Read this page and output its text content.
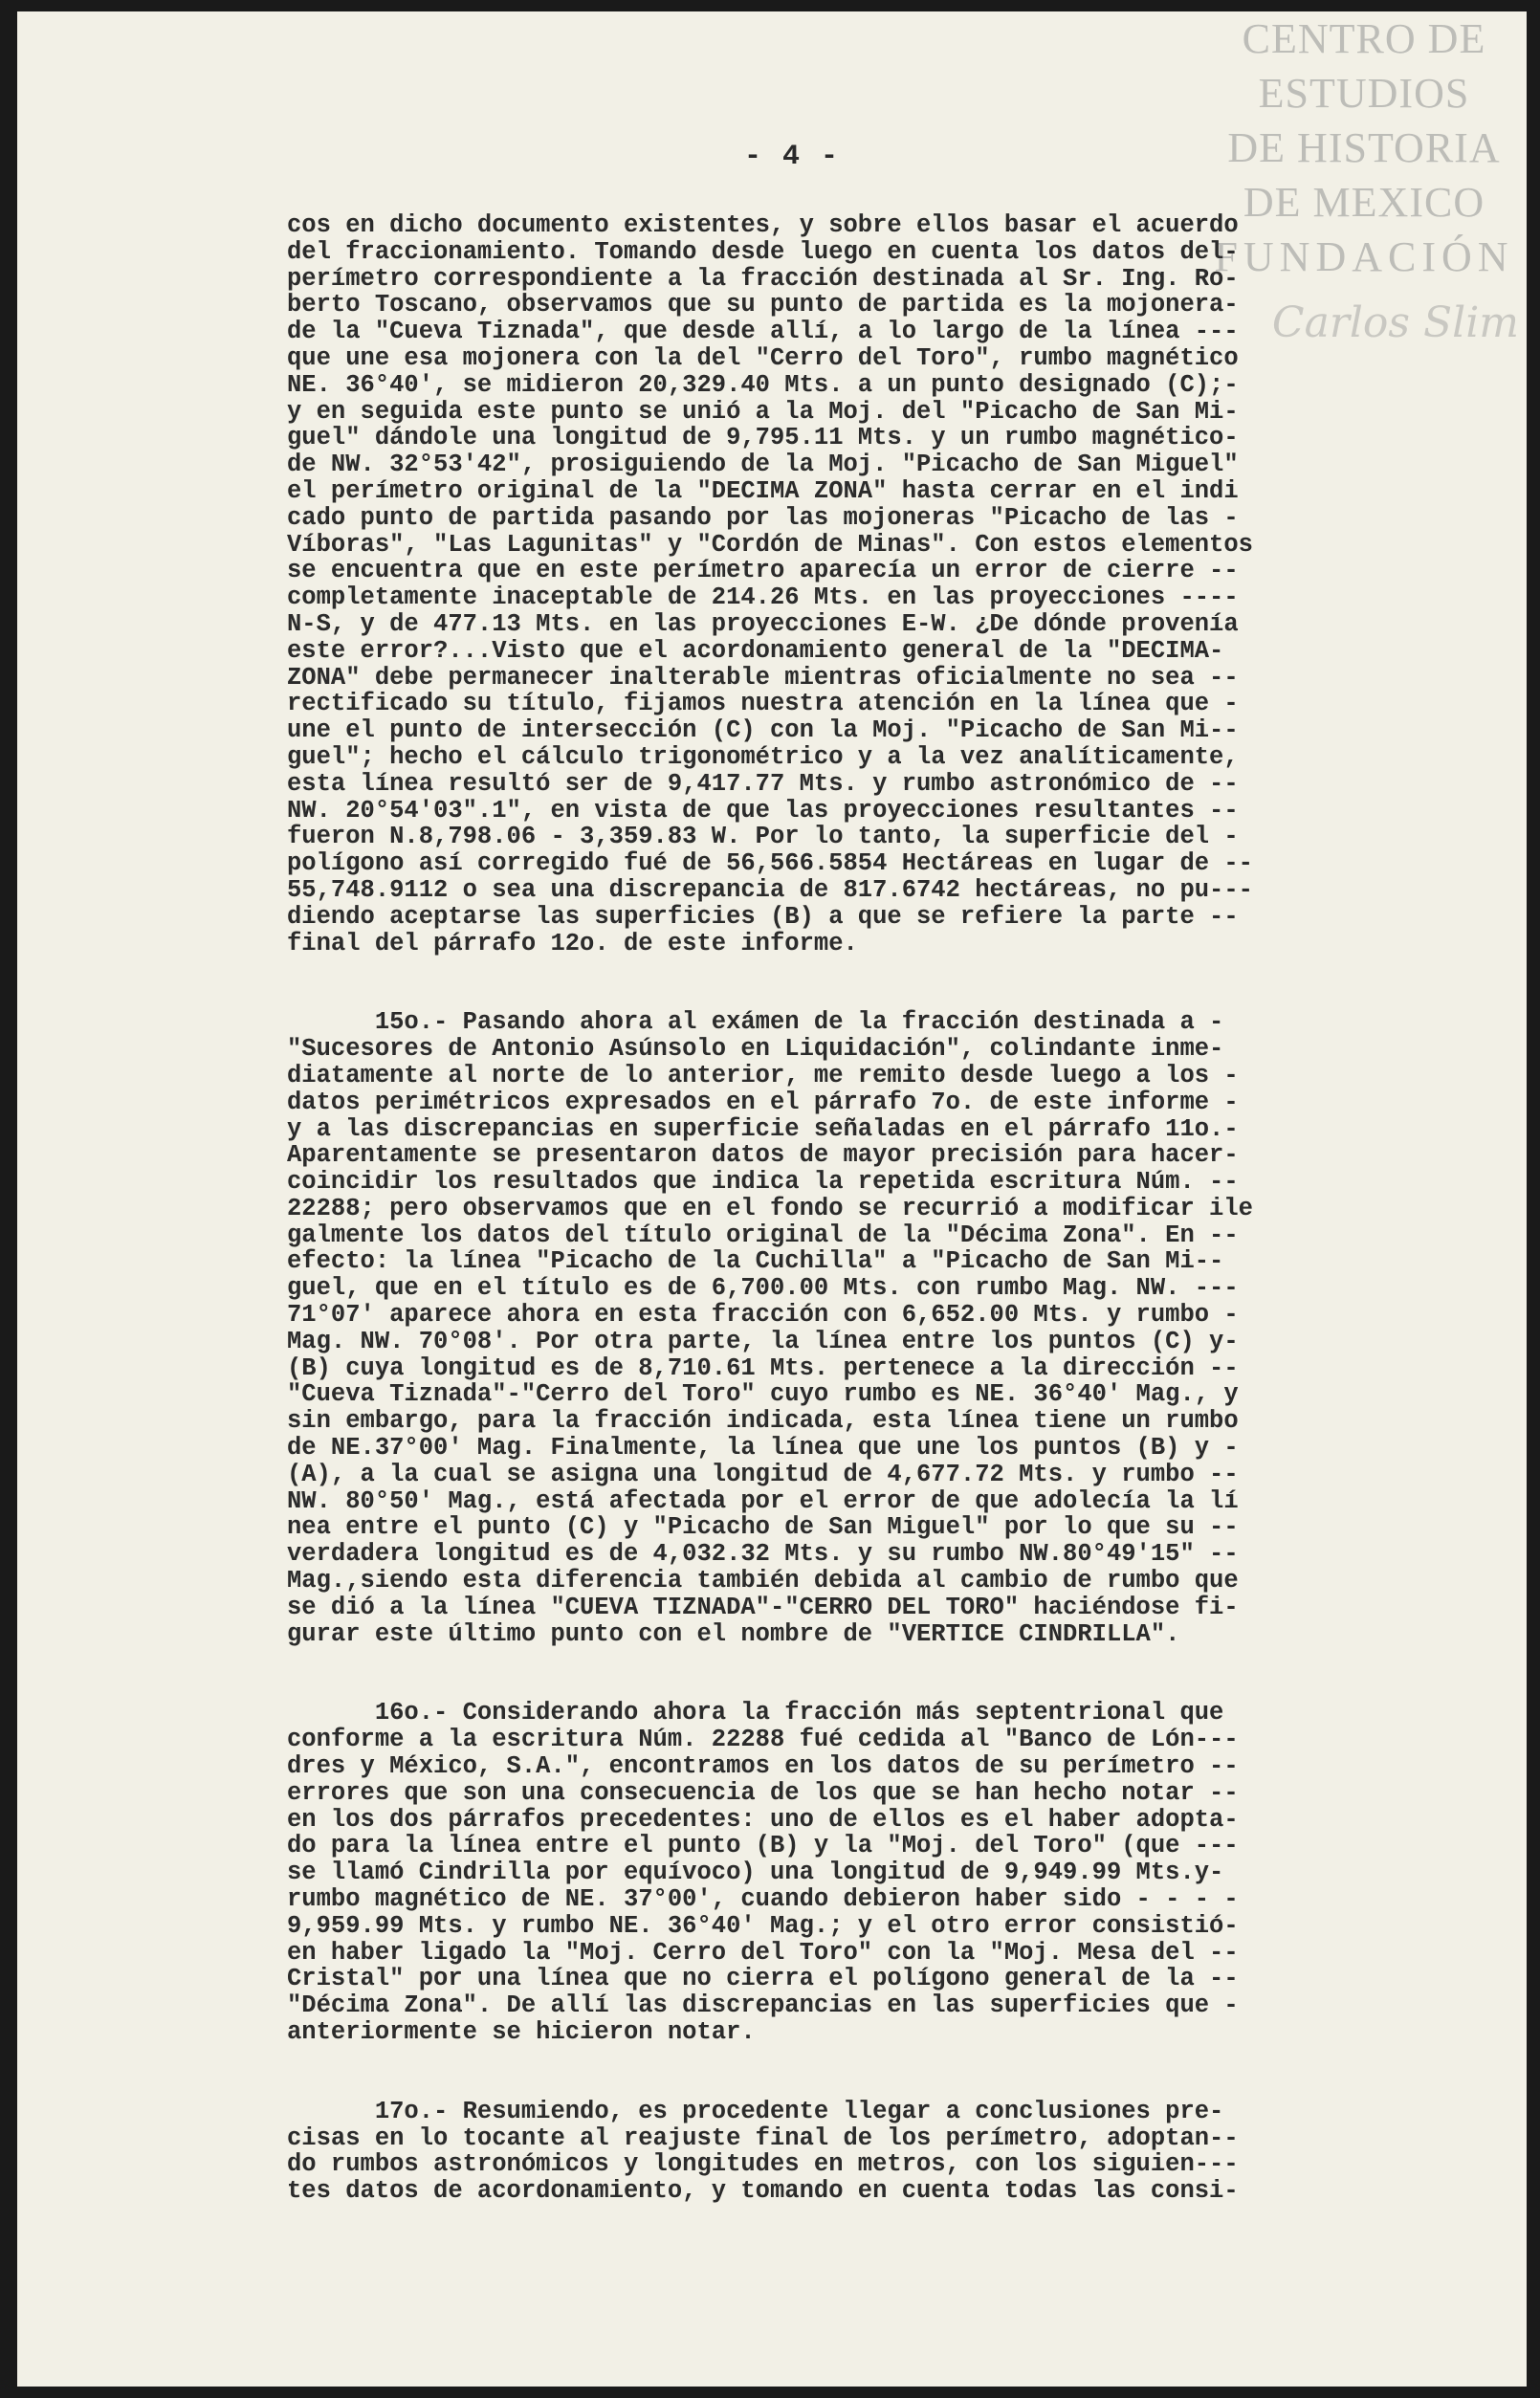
CENTRO DE
ESTUDIOS
DE HISTORIA
DE MEXICO
FUNDACIÓN
Carlos Slim
- 4 -
cos en dicho documento existentes, y sobre ellos basar el acuerdo
del fraccionamiento. Tomando desde luego en cuenta los datos del-
perímetro correspondiente a la fracción destinada al Sr. Ing. Ro-
berto Toscano, observamos que su punto de partida es la mojonera-
de la "Cueva Tiznada", que desde allí, a lo largo de la línea ---
que une esa mojonera con la del "Cerro del Toro", rumbo magnético
NE. 36°40', se midieron 20,329.40 Mts. a un punto designado (C);-
y en seguida este punto se unió a la Moj. del "Picacho de San Mi-
guel" dándole una longitud de 9,795.11 Mts. y un rumbo magnético-
de NW. 32°53'42", prosiguiendo de la Moj. "Picacho de San Miguel"
el perímetro original de la "DECIMA ZONA" hasta cerrar en el indi
cado punto de partida pasando por las mojoneras "Picacho de las -
Víboras", "Las Lagunitas" y "Cordón de Minas". Con estos elementos
se encuentra que en este perímetro aparecía un error de cierre --
completamente inaceptable de 214.26 Mts. en las proyecciones ----
N-S, y de 477.13 Mts. en las proyecciones E-W. ¿De dónde provenía
este error?...Visto que el acordonamiento general de la "DECIMA-
ZONA" debe permanecer inalterable mientras oficialmente no sea --
rectificado su título, fijamos nuestra atención en la línea que -
une el punto de intersección (C) con la Moj. "Picacho de San Mi--
guel"; hecho el cálculo trigonométrico y a la vez analíticamente,
esta línea resultó ser de 9,417.77 Mts. y rumbo astronómico de --
NW. 20°54'03".1", en vista de que las proyecciones resultantes --
fueron N.8,798.06 - 3,359.83 W. Por lo tanto, la superficie del -
polígono así corregido fué de 56,566.5854 Hectáreas en lugar de --
55,748.9112 o sea una discrepancia de 817.6742 hectáreas, no pu---
diendo aceptarse las superficies (B) a que se refiere la parte --
final del párrafo 12o. de este informe.
15o.- Pasando ahora al exámen de la fracción destinada a -
"Sucesores de Antonio Asúnsolo en Liquidación", colindante inme-
diatamente al norte de lo anterior, me remito desde luego a los -
datos perimétricos expresados en el párrafo 7o. de este informe -
y a las discrepancias en superficie señaladas en el párrafo 11o.-
Aparentamente se presentaron datos de mayor precisión para hacer-
coincidir los resultados que indica la repetida escritura Núm. --
22288; pero observamos que en el fondo se recurrió a modificar ile
galmente los datos del título original de la "Décima Zona". En --
efecto: la línea "Picacho de la Cuchilla" a "Picacho de San Mi--
guel, que en el título es de 6,700.00 Mts. con rumbo Mag. NW. ---
71°07' aparece ahora en esta fracción con 6,652.00 Mts. y rumbo -
Mag. NW. 70°08'. Por otra parte, la línea entre los puntos (C) y-
(B) cuya longitud es de 8,710.61 Mts. pertenece a la dirección --
"Cueva Tiznada"-"Cerro del Toro" cuyo rumbo es NE. 36°40' Mag., y
sin embargo, para la fracción indicada, esta línea tiene un rumbo
de NE.37°00' Mag. Finalmente, la línea que une los puntos (B) y -
(A), a la cual se asigna una longitud de 4,677.72 Mts. y rumbo --
NW. 80°50' Mag., está afectada por el error de que adolecía la lí
nea entre el punto (C) y "Picacho de San Miguel" por lo que su --
verdadera longitud es de 4,032.32 Mts. y su rumbo NW.80°49'15" --
Mag.,siendo esta diferencia también debida al cambio de rumbo que
se dió a la línea "CUEVA TIZNADA"-"CERRO DEL TORO" haciéndose fi-
gurar este último punto con el nombre de "VERTICE CINDRILLA".
16o.- Considerando ahora la fracción más septentrional que
conforme a la escritura Núm. 22288 fué cedida al "Banco de Lón---
dres y México, S.A.", encontramos en los datos de su perímetro --
errores que son una consecuencia de los que se han hecho notar --
en los dos párrafos precedentes: uno de ellos es el haber adopta-
do para la línea entre el punto (B) y la "Moj. del Toro" (que ---
se llamó Cindrilla por equívoco) una longitud de 9,949.99 Mts.y-
rumbo magnético de NE. 37°00', cuando debieron haber sido - - - -
9,959.99 Mts. y rumbo NE. 36°40' Mag.; y el otro error consistió-
en haber ligado la "Moj. Cerro del Toro" con la "Moj. Mesa del --
Cristal" por una línea que no cierra el polígono general de la --
"Décima Zona". De allí las discrepancias en las superficies que -
anteriormente se hicieron notar.
17o.- Resumiendo, es procedente llegar a conclusiones pre-
cisas en lo tocante al reajuste final de los perímetro, adoptan--
do rumbos astronómicos y longitudes en metros, con los siguien---
tes datos de acordonamiento, y tomando en cuenta todas las consi-
